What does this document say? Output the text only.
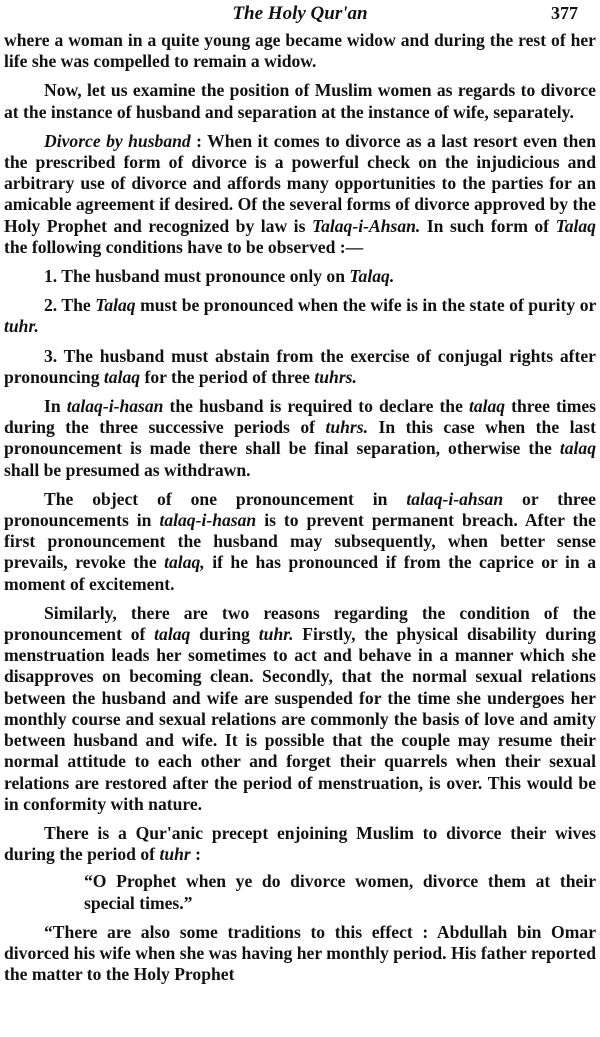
The Holy Qur'an	377

where a woman in a quite young age became widow and during the rest of her life she was compelled to remain a widow.

Now, let us examine the position of Muslim women as regards to divorce at the instance of husband and separation at the instance of wife, separately.

Divorce by husband : When it comes to divorce as a last resort even then the prescribed form of divorce is a powerful check on the injudicious and arbitrary use of divorce and affords many opportunities to the parties for an amicable agreement if desired. Of the several forms of divorce approved by the Holy Prophet and recognized by law is Talaq-i-Ahsan. In such form of Talaq the following conditions have to be observed :—

1. The husband must pronounce only on Talaq.

2. The Talaq must be pronounced when the wife is in the state of purity or tuhr.

3. The husband must abstain from the exercise of conjugal rights after pronouncing talaq for the period of three tuhrs.

In talaq-i-hasan the husband is required to declare the talaq three times during the three successive periods of tuhrs. In this case when the last pronouncement is made there shall be final separation, otherwise the talaq shall be presumed as withdrawn.

The object of one pronouncement in talaq-i-ahsan or three pronouncements in talaq-i-hasan is to prevent permanent breach. After the first pronouncement the husband may subsequently, when better sense prevails, revoke the talaq, if he has pronounced if from the caprice or in a moment of excitement.

Similarly, there are two reasons regarding the condition of the pronouncement of talaq during tuhr. Firstly, the physical disability during menstruation leads her sometimes to act and behave in a manner which she disapproves on becoming clean. Secondly, that the normal sexual relations between the husband and wife are suspended for the time she undergoes her monthly course and sexual relations are commonly the basis of love and amity between husband and wife. It is possible that the couple may resume their normal attitude to each other and forget their quarrels when their sexual relations are restored after the period of menstruation, is over. This would be in conformity with nature.

There is a Qur'anic precept enjoining Muslim to divorce their wives during the period of tuhr :

“O Prophet when ye do divorce women, divorce them at their special times.”

“There are also some traditions to this effect : Abdullah bin Omar divorced his wife when she was having her monthly period. His father reported the matter to the Holy Prophet
